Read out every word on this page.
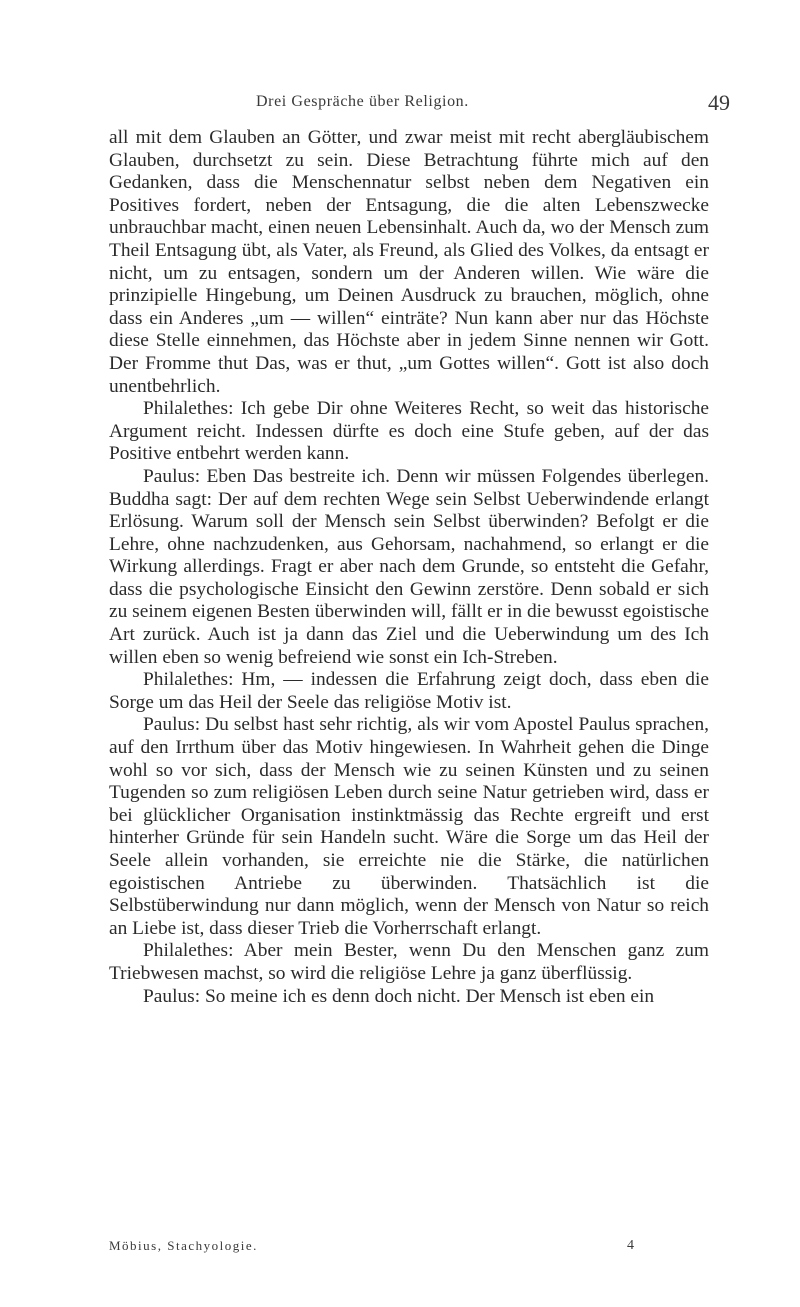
Drei Gespräche über Religion.	49

all mit dem Glauben an Götter, und zwar meist mit recht abergläubischem Glauben, durchsetzt zu sein. Diese Betrachtung führte mich auf den Gedanken, dass die Menschennatur selbst neben dem Negativen ein Positives fordert, neben der Entsagung, die die alten Lebenszwecke unbrauchbar macht, einen neuen Lebensinhalt. Auch da, wo der Mensch zum Theil Entsagung übt, als Vater, als Freund, als Glied des Volkes, da entsagt er nicht, um zu entsagen, sondern um der Anderen willen. Wie wäre die prinzipielle Hingebung, um Deinen Ausdruck zu brauchen, möglich, ohne dass ein Anderes „um — willen“ einträte? Nun kann aber nur das Höchste diese Stelle einnehmen, das Höchste aber in jedem Sinne nennen wir Gott. Der Fromme thut Das, was er thut, „um Gottes willen“. Gott ist also doch unentbehrlich.

Philalethes: Ich gebe Dir ohne Weiteres Recht, so weit das historische Argument reicht. Indessen dürfte es doch eine Stufe geben, auf der das Positive entbehrt werden kann.

Paulus: Eben Das bestreite ich. Denn wir müssen Folgendes überlegen. Buddha sagt: Der auf dem rechten Wege sein Selbst Ueberwindende erlangt Erlösung. Warum soll der Mensch sein Selbst überwinden? Befolgt er die Lehre, ohne nachzudenken, aus Gehorsam, nachahmend, so erlangt er die Wirkung allerdings. Fragt er aber nach dem Grunde, so entsteht die Gefahr, dass die psychologische Einsicht den Gewinn zerstöre. Denn sobald er sich zu seinem eigenen Besten überwinden will, fällt er in die bewusst egoistische Art zurück. Auch ist ja dann das Ziel und die Ueberwindung um des Ich willen eben so wenig befreiend wie sonst ein Ich-Streben.

Philalethes: Hm, — indessen die Erfahrung zeigt doch, dass eben die Sorge um das Heil der Seele das religiöse Motiv ist.

Paulus: Du selbst hast sehr richtig, als wir vom Apostel Paulus sprachen, auf den Irrthum über das Motiv hingewiesen. In Wahrheit gehen die Dinge wohl so vor sich, dass der Mensch wie zu seinen Künsten und zu seinen Tugenden so zum religiösen Leben durch seine Natur getrieben wird, dass er bei glücklicher Organisation instinktmässig das Rechte ergreift und erst hinterher Gründe für sein Handeln sucht. Wäre die Sorge um das Heil der Seele allein vorhanden, sie erreichte nie die Stärke, die natürlichen egoistischen Antriebe zu überwinden. Thatsächlich ist die Selbstüberwindung nur dann möglich, wenn der Mensch von Natur so reich an Liebe ist, dass dieser Trieb die Vorherrschaft erlangt.

Philalethes: Aber mein Bester, wenn Du den Menschen ganz zum Triebwesen machst, so wird die religiöse Lehre ja ganz überflüssig.

Paulus: So meine ich es denn doch nicht. Der Mensch ist eben ein

Möbius, Stachyologie.	4
